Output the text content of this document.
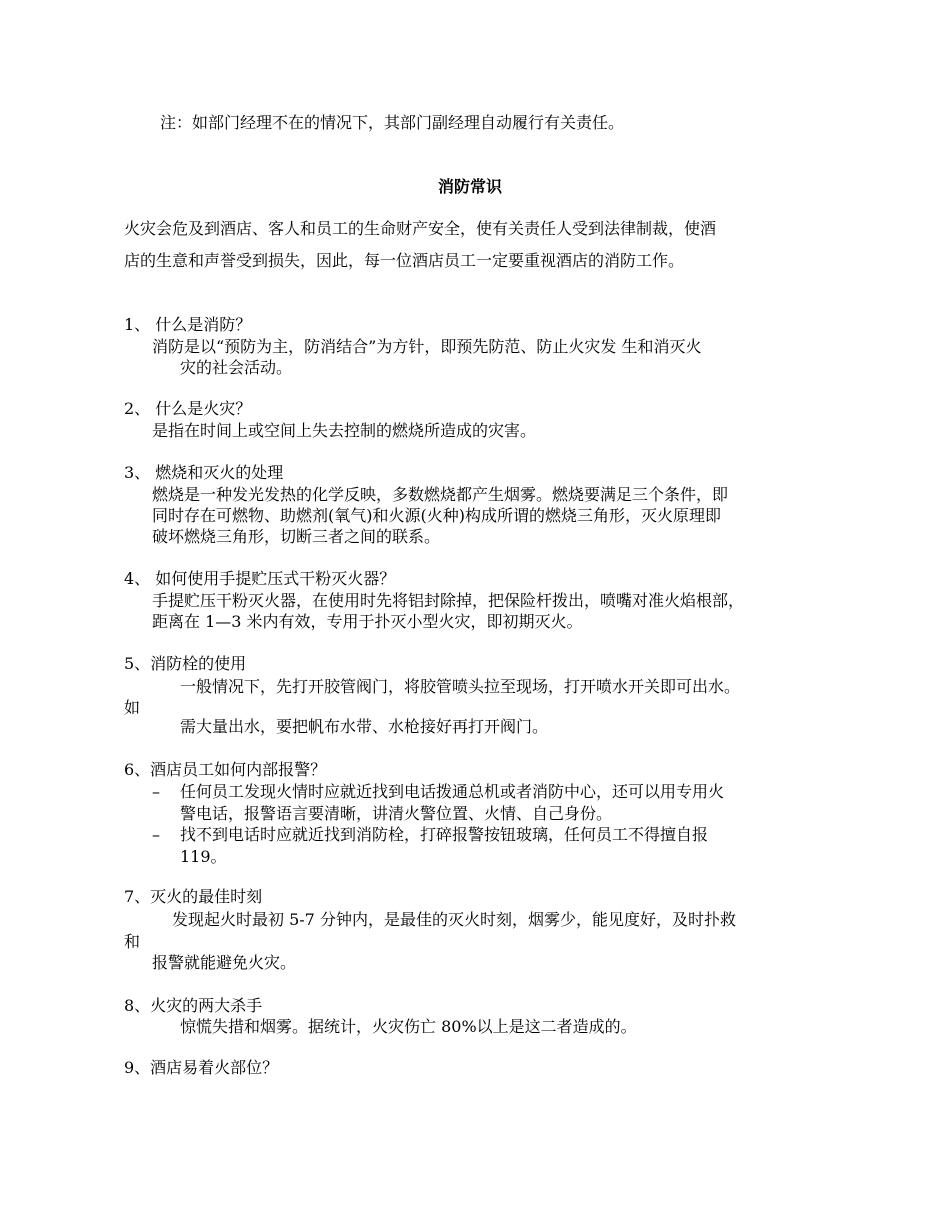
注：如部门经理不在的情况下，其部门副经理自动履行有关责任。
消防常识
火灾会危及到酒店、客人和员工的生命财产安全，使有关责任人受到法律制裁，使酒
店的生意和声誉受到损失，因此，每一位酒店员工一定要重视酒店的消防工作。
1、 什么是消防？
消防是以“预防为主，防消结合”为方针，即预先防范、防止火灾发 生和消灭火
灾的社会活动。
2、 什么是火灾？
是指在时间上或空间上失去控制的燃烧所造成的灾害。
3、 燃烧和灭火的处理
燃烧是一种发光发热的化学反映，多数燃烧都产生烟雾。燃烧要满足三个条件，即
同时存在可燃物、助燃剂(氧气)和火源(火种)构成所谓的燃烧三角形，灭火原理即
破坏燃烧三角形，切断三者之间的联系。
4、 如何使用手提贮压式干粉灭火器？
手提贮压干粉灭火器，在使用时先将铝封除掉，把保险杆拨出，喷嘴对准火焰根部，
距离在 1—3 米内有效，专用于扑灭小型火灾，即初期灭火。
5、消防栓的使用
一般情况下，先打开胶管阀门，将胶管喷头拉至现场，打开喷水开关即可出水。
如
需大量出水，要把帆布水带、水枪接好再打开阀门。
6、酒店员工如何内部报警？
– 任何员工发现火情时应就近找到电话拨通总机或者消防中心，还可以用专用火
警电话，报警语言要清晰，讲清火警位置、火情、自己身份。
– 找不到电话时应就近找到消防栓，打碎报警按钮玻璃，任何员工不得擅自报
119。
7、灭火的最佳时刻
发现起火时最初 5-7 分钟内，是最佳的灭火时刻，烟雾少，能见度好，及时扑救
和
报警就能避免火灾。
8、火灾的两大杀手
惊慌失措和烟雾。据统计，火灾伤亡 80%以上是这二者造成的。
9、酒店易着火部位？
